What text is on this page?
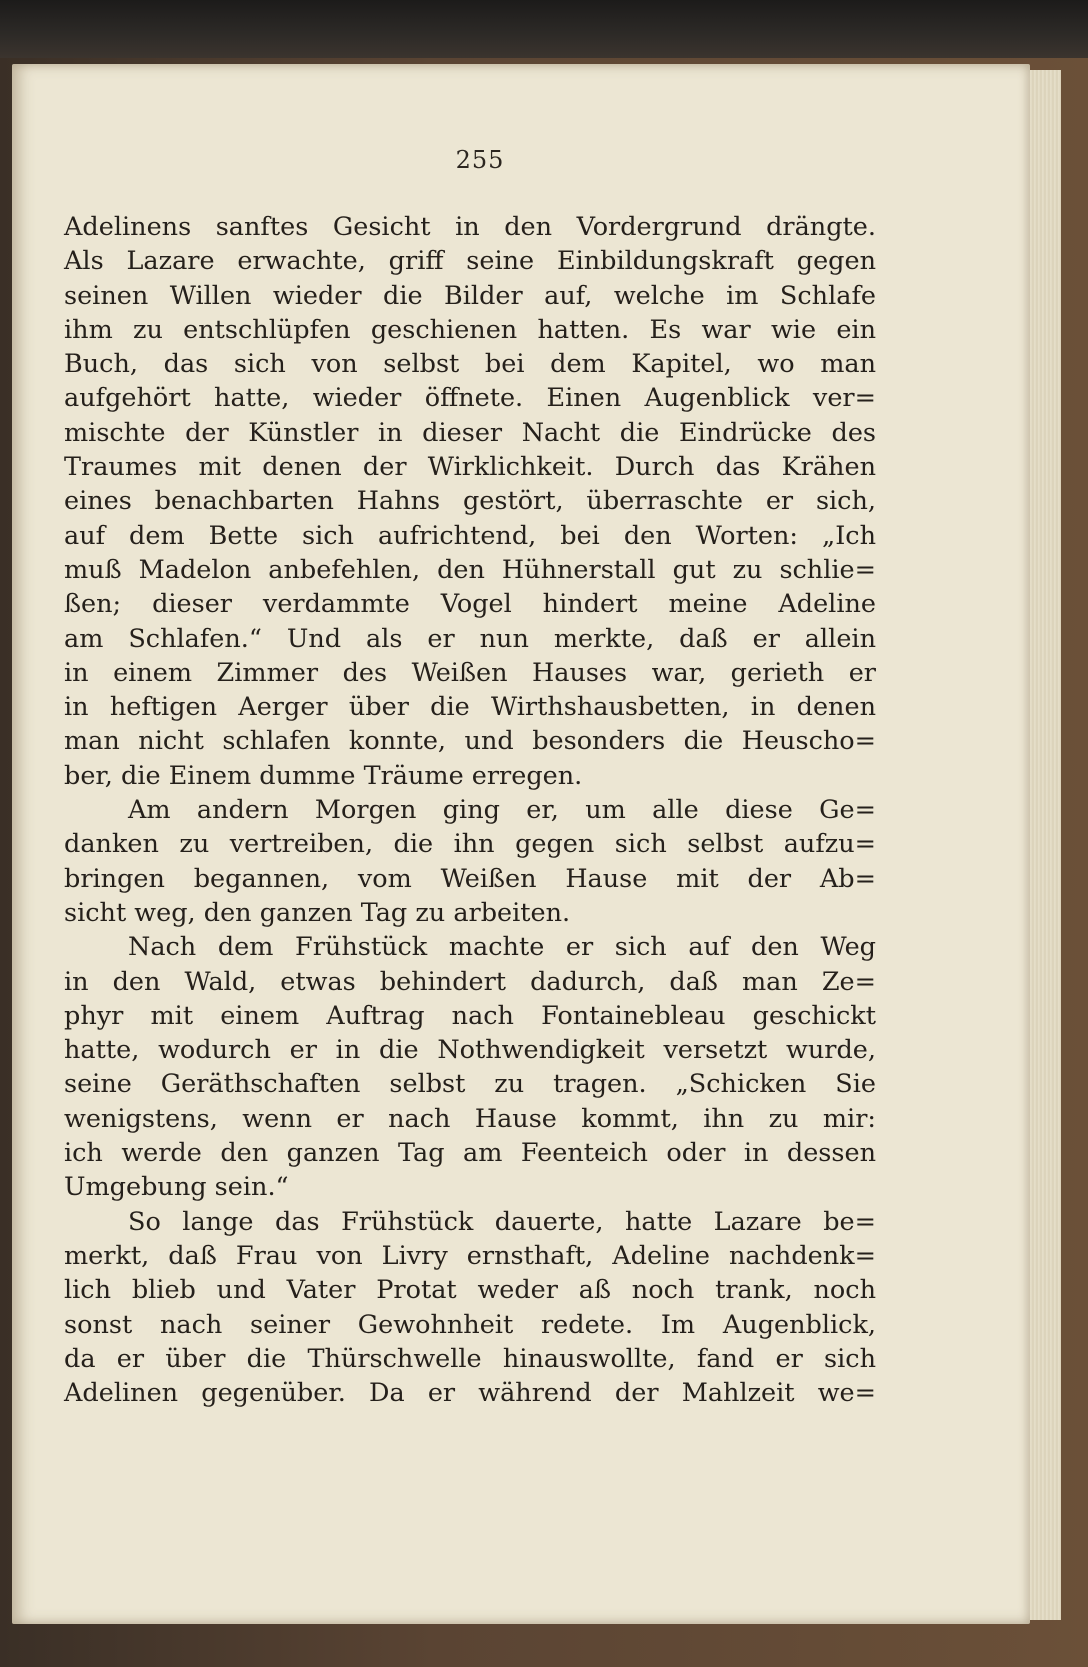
255
Adelinens sanftes Gesicht in den Vordergrund drängte.
Als Lazare erwachte, griff seine Einbildungskraft gegen
seinen Willen wieder die Bilder auf, welche im Schlafe
ihm zu entschlüpfen geschienen hatten. Es war wie ein
Buch, das sich von selbst bei dem Kapitel, wo man
aufgehört hatte, wieder öffnete. Einen Augenblick ver=
mischte der Künstler in dieser Nacht die Eindrücke des
Traumes mit denen der Wirklichkeit. Durch das Krähen
eines benachbarten Hahns gestört, überraschte er sich,
auf dem Bette sich aufrichtend, bei den Worten: „Ich
muß Madelon anbefehlen, den Hühnerstall gut zu schlie=
ßen; dieser verdammte Vogel hindert meine Adeline
am Schlafen.“ Und als er nun merkte, daß er allein
in einem Zimmer des Weißen Hauses war, gerieth er
in heftigen Aerger über die Wirthshausbetten, in denen
man nicht schlafen konnte, und besonders die Heuscho=
ber, die Einem dumme Träume erregen.
Am andern Morgen ging er, um alle diese Ge=
danken zu vertreiben, die ihn gegen sich selbst aufzu=
bringen begannen, vom Weißen Hause mit der Ab=
sicht weg, den ganzen Tag zu arbeiten.
Nach dem Frühstück machte er sich auf den Weg
in den Wald, etwas behindert dadurch, daß man Ze=
phyr mit einem Auftrag nach Fontainebleau geschickt
hatte, wodurch er in die Nothwendigkeit versetzt wurde,
seine Geräthschaften selbst zu tragen. „Schicken Sie
wenigstens, wenn er nach Hause kommt, ihn zu mir:
ich werde den ganzen Tag am Feenteich oder in dessen
Umgebung sein.“
So lange das Frühstück dauerte, hatte Lazare be=
merkt, daß Frau von Livry ernsthaft, Adeline nachdenk=
lich blieb und Vater Protat weder aß noch trank, noch
sonst nach seiner Gewohnheit redete. Im Augenblick,
da er über die Thürschwelle hinauswollte, fand er sich
Adelinen gegenüber. Da er während der Mahlzeit we=
